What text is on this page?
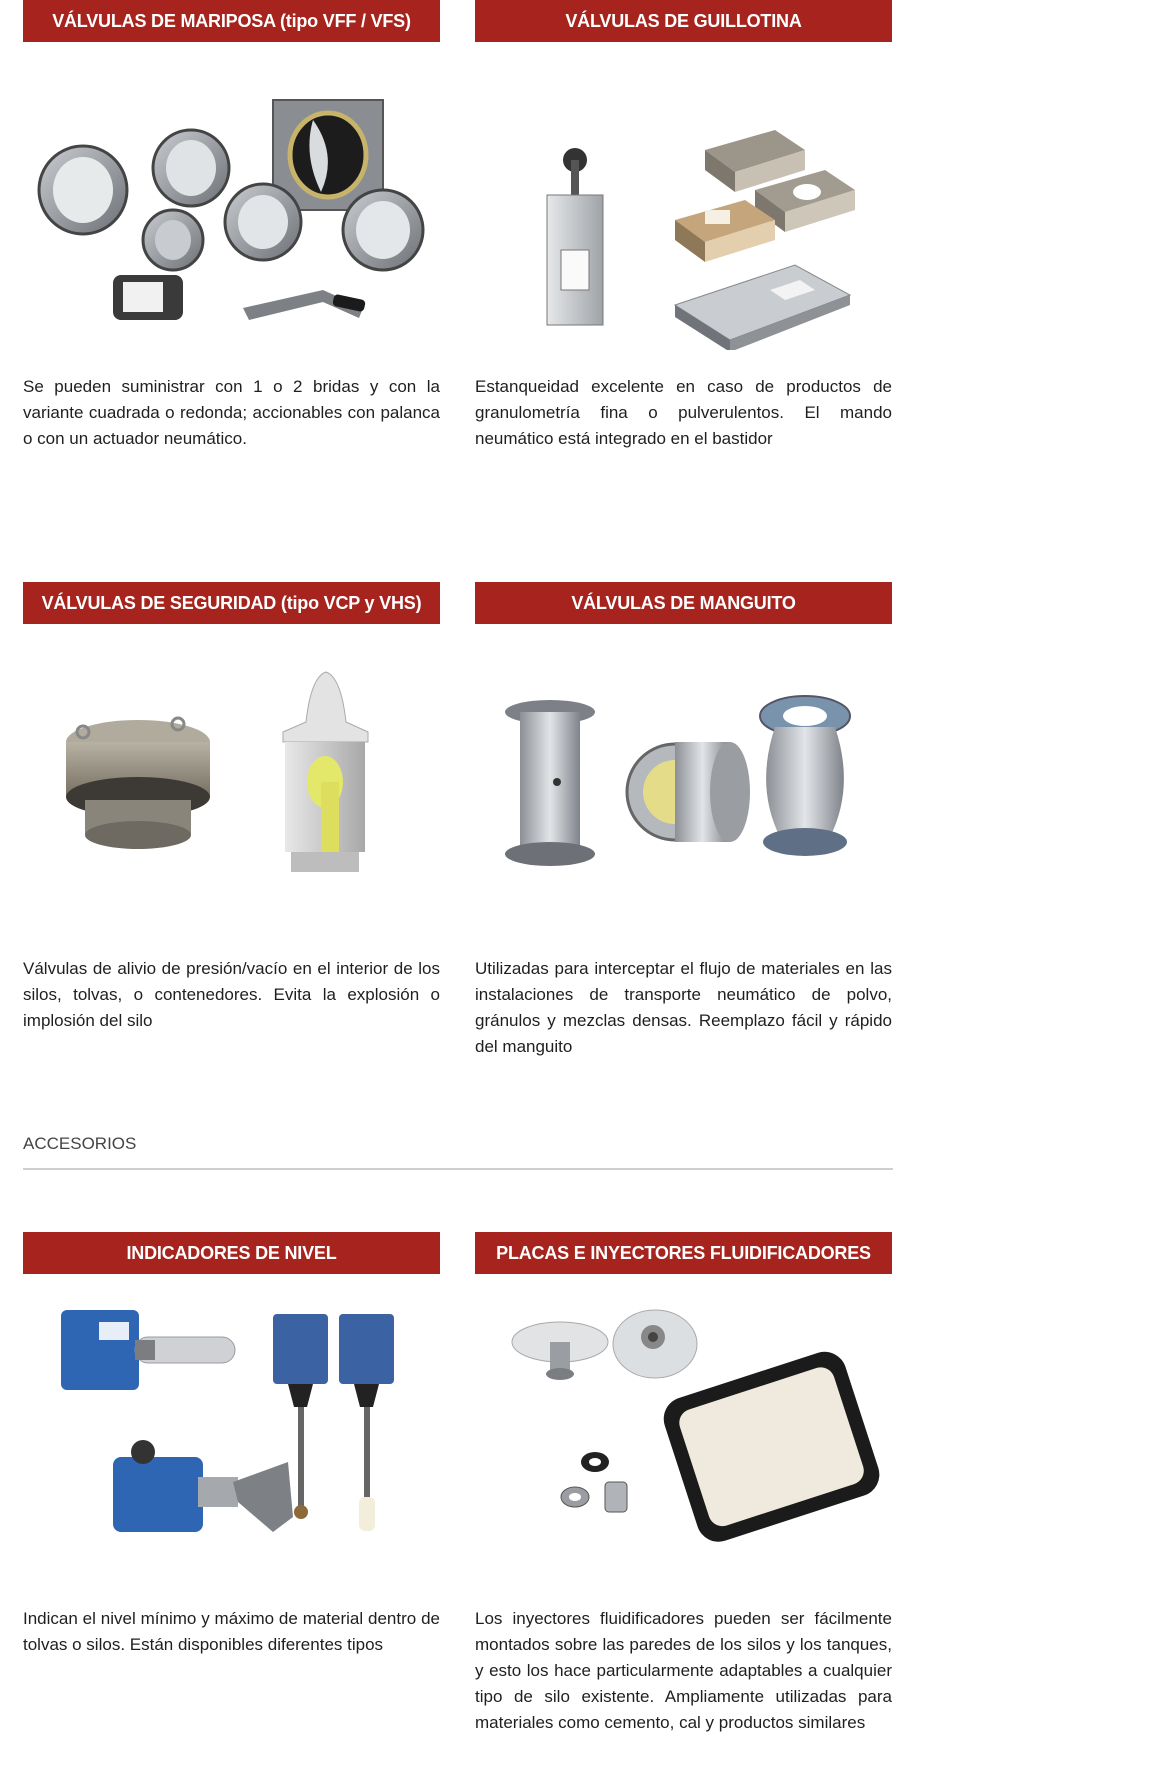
VÁLVULAS DE MARIPOSA (tipo VFF / VFS)
Se pueden suministrar con 1 o 2 bridas y con la variante cuadrada o redonda; accionables con palanca o con un actuador neumático.
VÁLVULAS DE GUILLOTINA
Estanqueidad excelente en caso de productos de granulometría fina o pulverulentos. El mando neumático está integrado en el bastidor
VÁLVULAS DE SEGURIDAD (tipo VCP y VHS)
Válvulas de alivio de presión/vacío en el interior de los silos, tolvas, o contenedores. Evita la explosión o implosión del silo
VÁLVULAS DE MANGUITO
Utilizadas para interceptar el flujo de materiales en las instalaciones de transporte neumático de polvo, gránulos y mezclas densas. Reemplazo fácil y rápido del manguito
ACCESORIOS
INDICADORES DE NIVEL
Indican el nivel mínimo y máximo de material dentro de tolvas o silos. Están disponibles diferentes tipos
PLACAS E INYECTORES FLUIDIFICADORES
Los inyectores fluidificadores pueden ser fácilmente montados sobre las paredes de los silos y los tanques, y esto los hace particularmente adaptables a cualquier tipo de silo existente. Ampliamente utilizadas para materiales como cemento, cal y productos similares
